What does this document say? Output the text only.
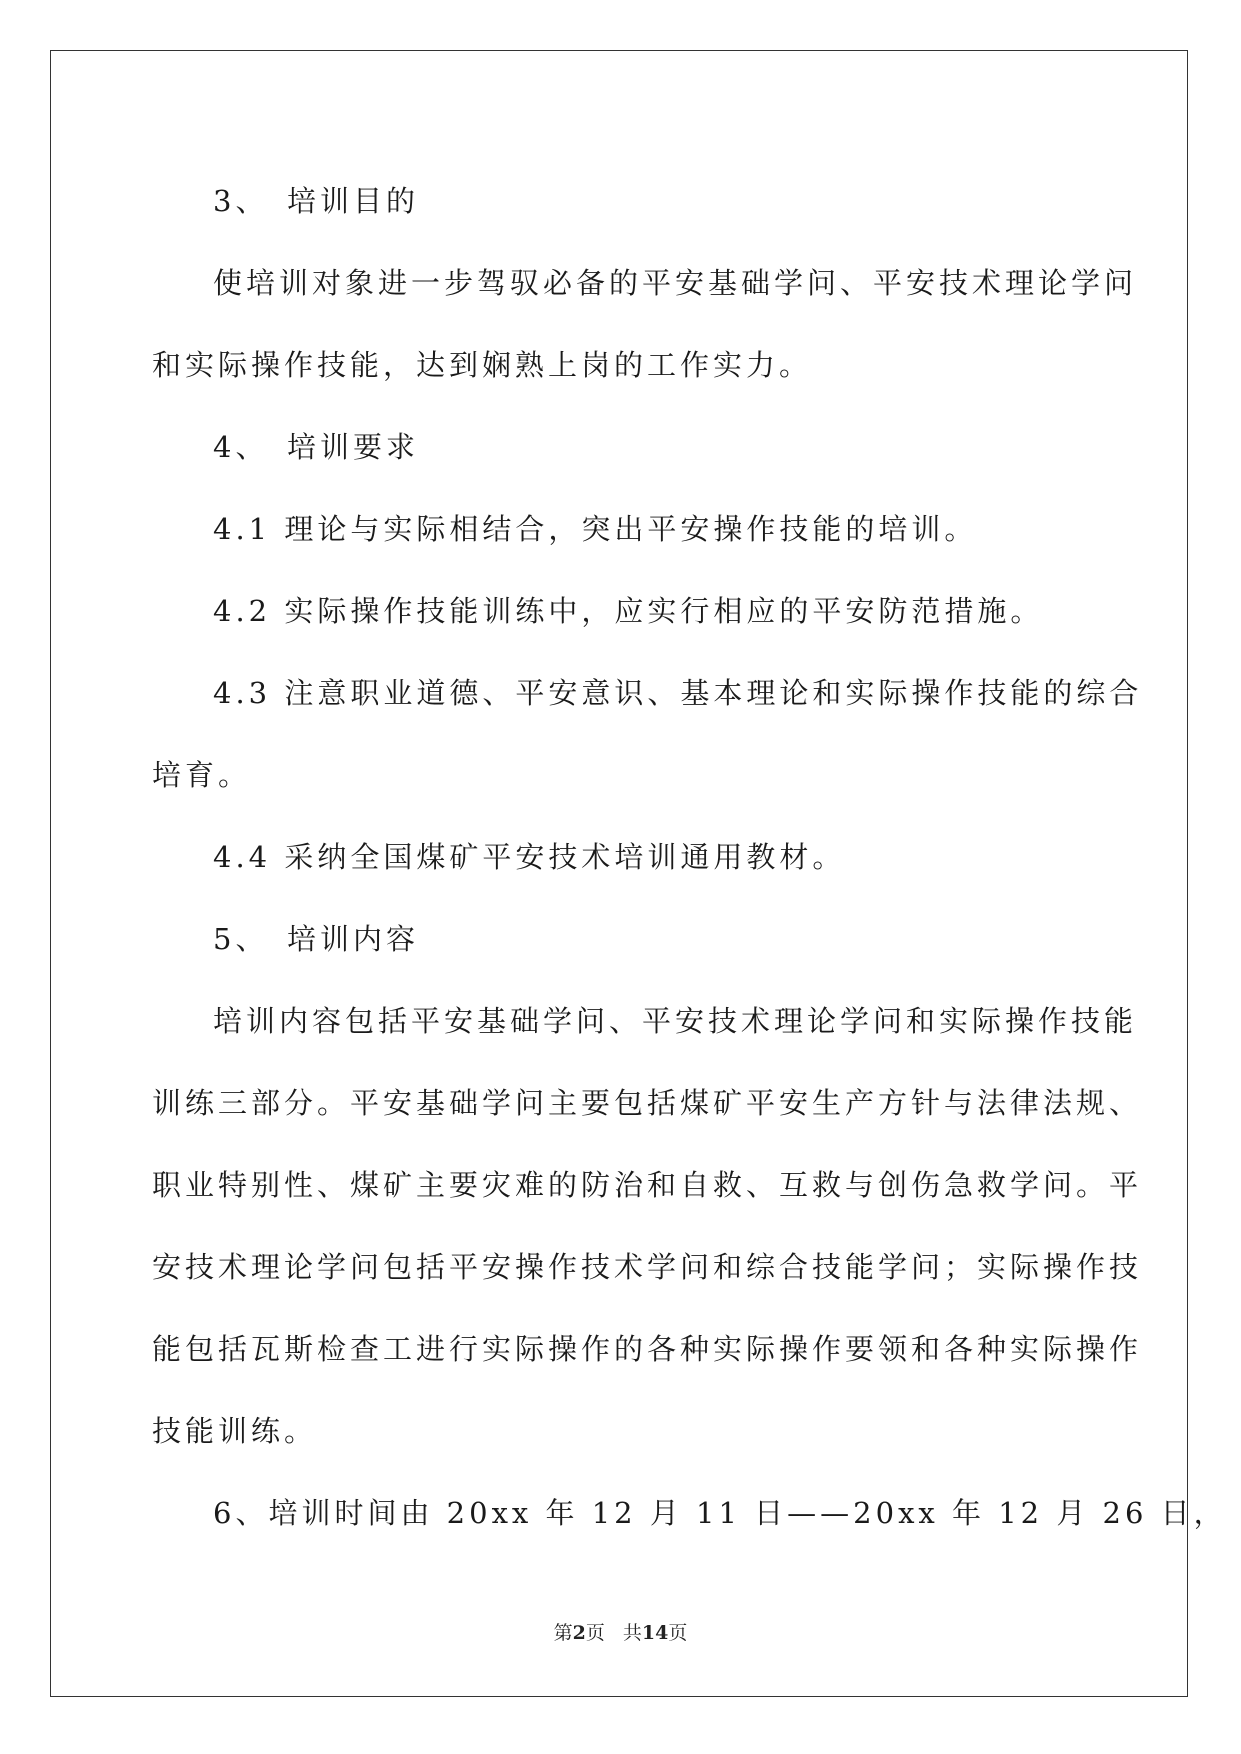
3、　培训目的
使培训对象进一步驾驭必备的平安基础学问、平安技术理论学问
和实际操作技能，达到娴熟上岗的工作实力。
4、　培训要求
4.1 理论与实际相结合，突出平安操作技能的培训。
4.2 实际操作技能训练中，应实行相应的平安防范措施。
4.3 注意职业道德、平安意识、基本理论和实际操作技能的综合
培育。
4.4 采纳全国煤矿平安技术培训通用教材。
5、　培训内容
培训内容包括平安基础学问、平安技术理论学问和实际操作技能
训练三部分。平安基础学问主要包括煤矿平安生产方针与法律法规、
职业特别性、煤矿主要灾难的防治和自救、互救与创伤急救学问。平
安技术理论学问包括平安操作技术学问和综合技能学问；实际操作技
能包括瓦斯检查工进行实际操作的各种实际操作要领和各种实际操作
技能训练。
6、培训时间由 20xx 年 12 月 11 日——20xx 年 12 月 26 日，
第2页 共14页
